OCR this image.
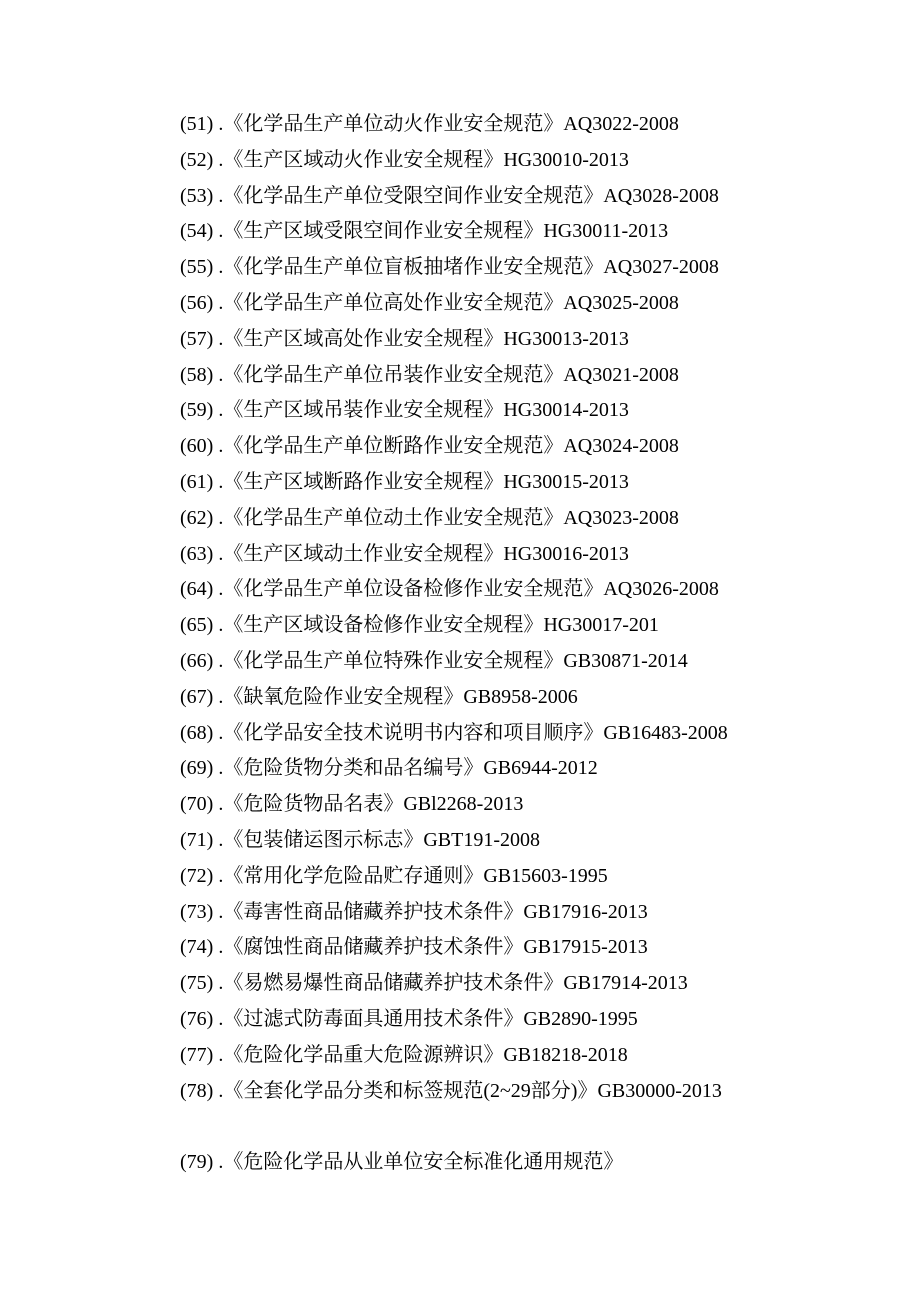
(51) .《化学品生产单位动火作业安全规范》AQ3022-2008
(52) .《生产区域动火作业安全规程》HG30010-2013
(53) .《化学品生产单位受限空间作业安全规范》AQ3028-2008
(54) .《生产区域受限空间作业安全规程》HG30011-2013
(55) .《化学品生产单位盲板抽堵作业安全规范》AQ3027-2008
(56) .《化学品生产单位高处作业安全规范》AQ3025-2008
(57) .《生产区域高处作业安全规程》HG30013-2013
(58) .《化学品生产单位吊装作业安全规范》AQ3021-2008
(59) .《生产区域吊装作业安全规程》HG30014-2013
(60) .《化学品生产单位断路作业安全规范》AQ3024-2008
(61) .《生产区域断路作业安全规程》HG30015-2013
(62) .《化学品生产单位动土作业安全规范》AQ3023-2008
(63) .《生产区域动土作业安全规程》HG30016-2013
(64) .《化学品生产单位设备检修作业安全规范》AQ3026-2008
(65) .《生产区域设备检修作业安全规程》HG30017-201
(66) .《化学品生产单位特殊作业安全规程》GB30871-2014
(67) .《缺氧危险作业安全规程》GB8958-2006
(68) .《化学品安全技术说明书内容和项目顺序》GB16483-2008
(69) .《危险货物分类和品名编号》GB6944-2012
(70) .《危险货物品名表》GBl2268-2013
(71) .《包装储运图示标志》GBT191-2008
(72) .《常用化学危险品贮存通则》GB15603-1995
(73) .《毒害性商品储藏养护技术条件》GB17916-2013
(74) .《腐蚀性商品储藏养护技术条件》GB17915-2013
(75) .《易燃易爆性商品储藏养护技术条件》GB17914-2013
(76) .《过滤式防毒面具通用技术条件》GB2890-1995
(77) .《危险化学品重大危险源辨识》GB18218-2018
(78) .《全套化学品分类和标签规范(2~29部分)》GB30000-2013
(79) .《危险化学品从业单位安全标准化通用规范》
